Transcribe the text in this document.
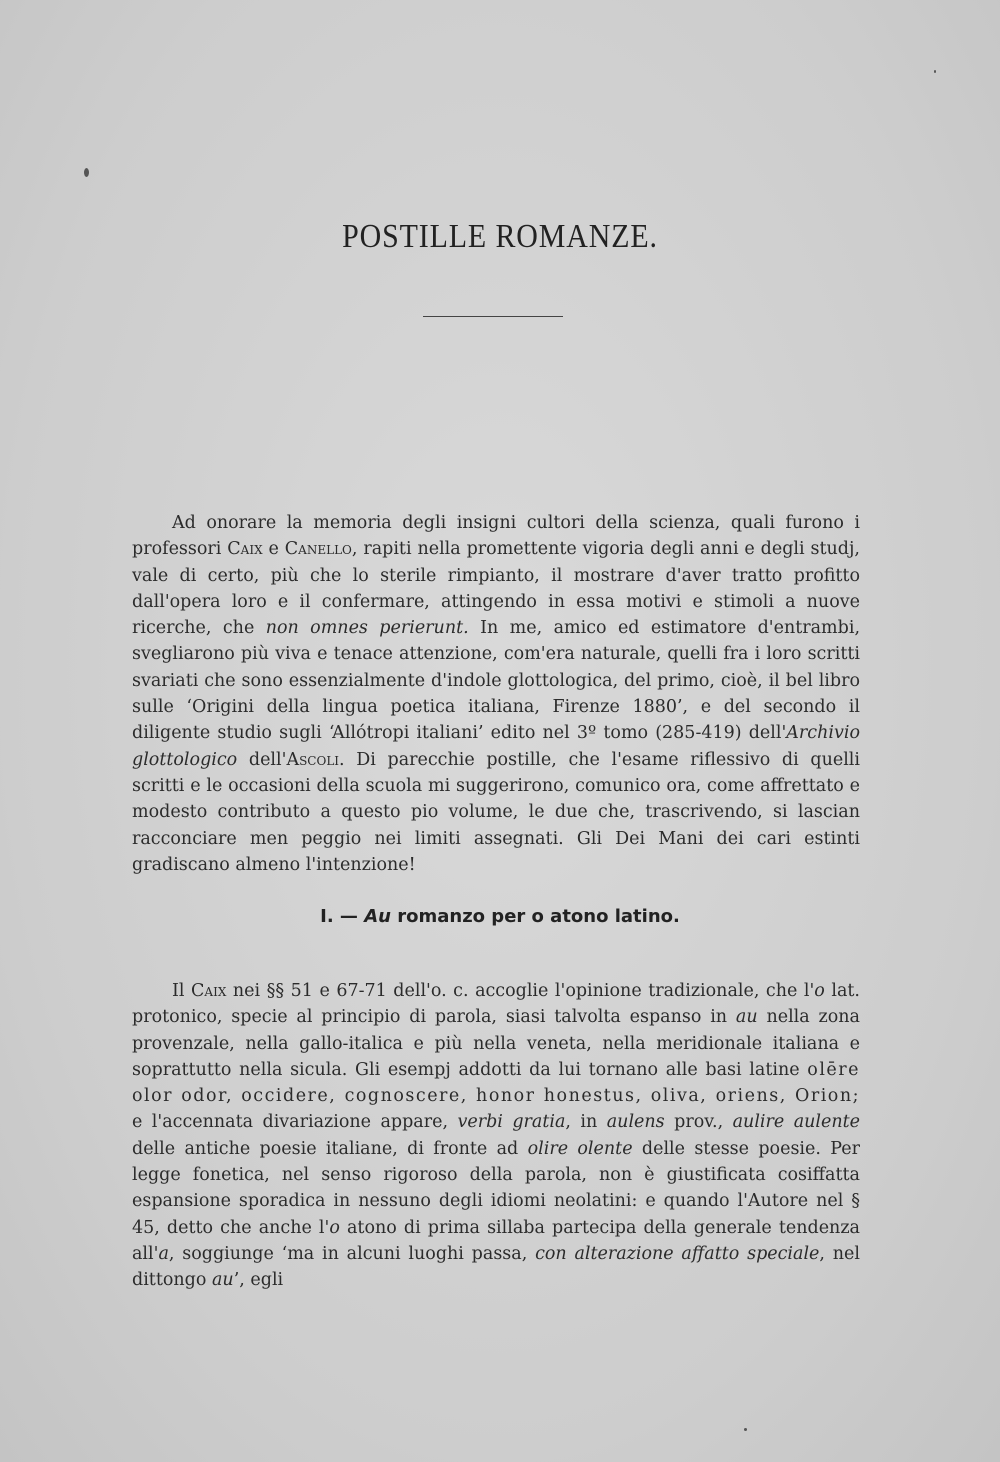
POSTILLE ROMANZE.

Ad onorare la memoria degli insigni cultori della scienza, quali furono i professori Caix e Canello, rapiti nella promettente vigoria degli anni e degli studj, vale di certo, più che lo sterile rimpianto, il mostrare d'aver tratto profitto dall'opera loro e il confermare, attingendo in essa motivi e stimoli a nuove ricerche, che non omnes perierunt. In me, amico ed estimatore d'entrambi, svegliarono più viva e tenace attenzione, com'era naturale, quelli fra i loro scritti svariati che sono essenzialmente d'indole glottologica, del primo, cioè, il bel libro sulle ‘Origini della lingua poetica italiana, Firenze 1880’, e del secondo il diligente studio sugli ‘Allótropi italiani’ edito nel 3º tomo (285-419) dell'Archivio glottologico dell'Ascoli. Di parecchie postille, che l'esame riflessivo di quelli scritti e le occasioni della scuola mi suggerirono, comunico ora, come affrettato e modesto contributo a questo pio volume, le due che, trascrivendo, si lascian racconciare men peggio nei limiti assegnati. Gli Dei Mani dei cari estinti gradiscano almeno l'intenzione!

I. — Au romanzo per o atono latino.

Il Caix nei §§ 51 e 67-71 dell'o. c. accoglie l'opinione tradizionale, che l'o lat. protonico, specie al principio di parola, siasi talvolta espanso in au nella zona provenzale, nella gallo-italica e più nella veneta, nella meridionale italiana e soprattutto nella sicula. Gli esempj addotti da lui tornano alle basi latine olēre olor odor, occidere, cognoscere, honor honestus, oliva, oriens, Orion; e l'accennata divariazione appare, verbi gratia, in aulens prov., aulire aulente delle antiche poesie italiane, di fronte ad olire olente delle stesse poesie. Per legge fonetica, nel senso rigoroso della parola, non è giustificata cosiffatta espansione sporadica in nessuno degli idiomi neolatini: e quando l'Autore nel § 45, detto che anche l'o atono di prima sillaba partecipa della generale tendenza all'a, soggiunge ‘ma in alcuni luoghi passa, con alterazione affatto speciale, nel dittongo au’, egli
